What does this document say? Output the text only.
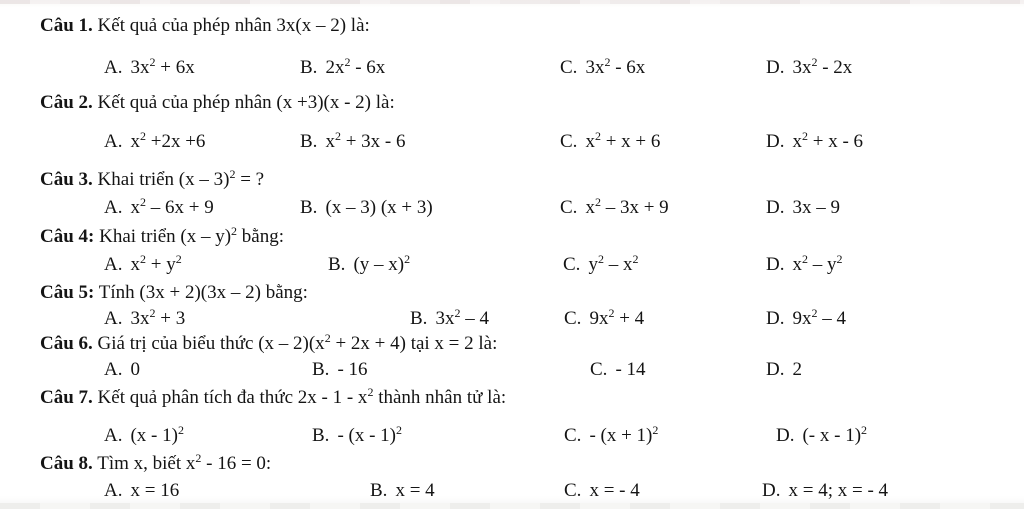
Câu 1. Kết quả của phép nhân 3x(x – 2) là:
A. $3x^2 + 6x$	B. $2x^2 - 6x$	C. $3x^2 - 6x$	D. $3x^2 - 2x$
Câu 2. Kết quả của phép nhân (x +3)(x - 2) là:
A. $x^2 +2x +6$	B. $x^2 + 3x - 6$	C. $x^2 + x + 6$	D. $x^2 + x - 6$
Câu 3. Khai triển (x – 3)$^2$ = ?
A. $x^2 - 6x + 9$	B. (x – 3) (x + 3)	C. $x^2 - 3x + 9$	D. 3x – 9
Câu 4: Khai triển (x – y)$^2$ bằng:
A. $x^2 + y^2$	B. (y – x)$^2$	C. $y^2 - x^2$	D. $x^2 - y^2$
Câu 5: Tính (3x + 2)(3x – 2) bằng:
A. $3x^2 + 3$	B. $3x^2 - 4$	C. $9x^2 + 4$	D. $9x^2 - 4$
Câu 6. Giá trị của biểu thức $(x - 2)(x^2 + 2x + 4)$ tại x = 2 là:
A. 0	B. - 16	C. - 14	D. 2
Câu 7. Kết quả phân tích đa thức $2x - 1 - x^2$ thành nhân tử là:
A. (x - 1)$^2$	B. - (x - 1)$^2$	C. - $(x + 1)^2$	D. (- x - 1)$^2$
Câu 8. Tìm x, biết $x^2 - 16 = 0$:
A. x = 16	B. x = 4	C. x = - 4	D. x = 4; x = - 4
